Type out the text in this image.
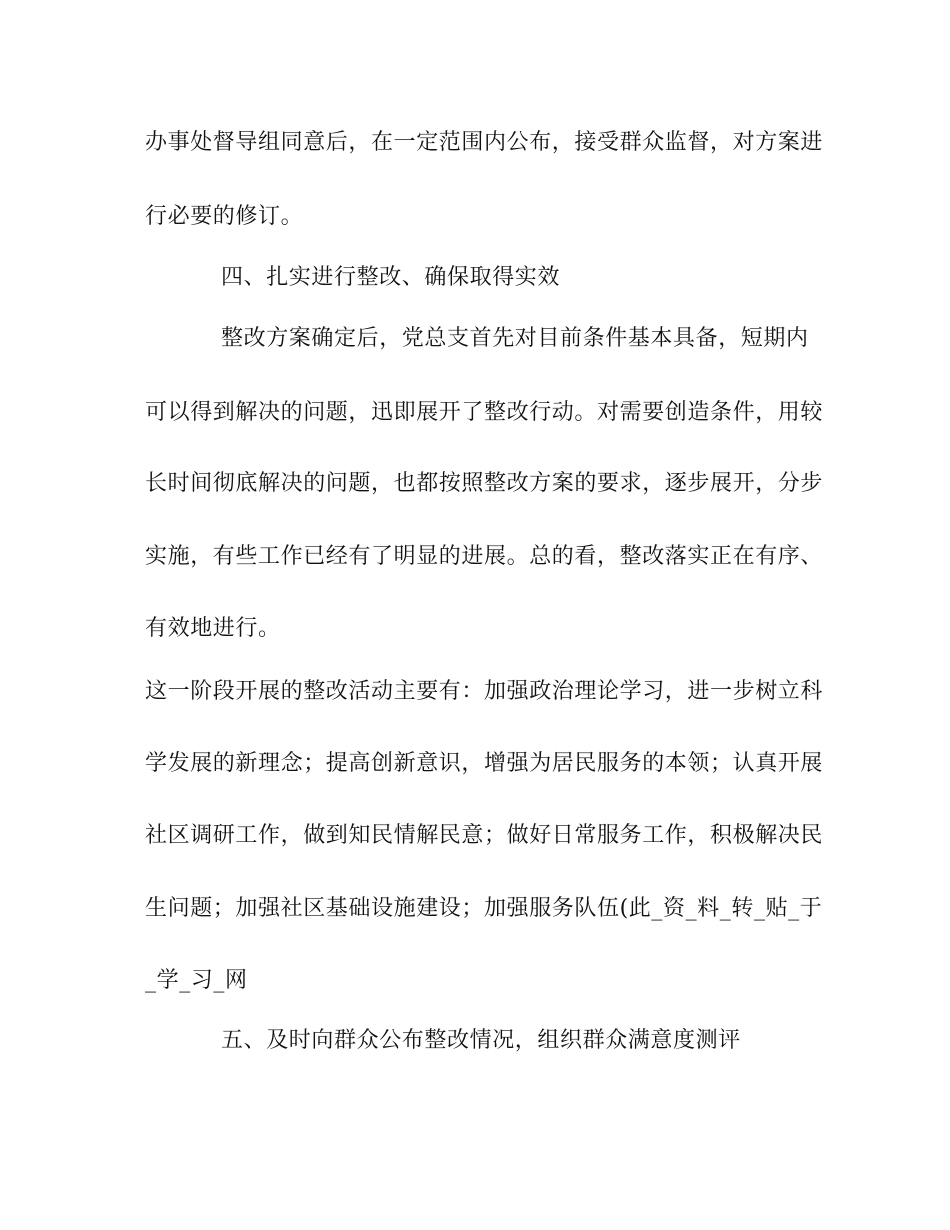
办事处督导组同意后，在一定范围内公布，接受群众监督，对方案进
行必要的修订。
四、扎实进行整改、确保取得实效
整改方案确定后，党总支首先对目前条件基本具备，短期内
可以得到解决的问题，迅即展开了整改行动。对需要创造条件，用较
长时间彻底解决的问题，也都按照整改方案的要求，逐步展开，分步
实施，有些工作已经有了明显的进展。总的看，整改落实正在有序、
有效地进行。
这一阶段开展的整改活动主要有：加强政治理论学习，进一步树立科
学发展的新理念；提高创新意识，增强为居民服务的本领；认真开展
社区调研工作，做到知民情解民意；做好日常服务工作，积极解决民
生问题；加强社区基础设施建设；加强服务队伍(此_资_料_转_贴_于
_学_习_网
五、及时向群众公布整改情况，组织群众满意度测评
